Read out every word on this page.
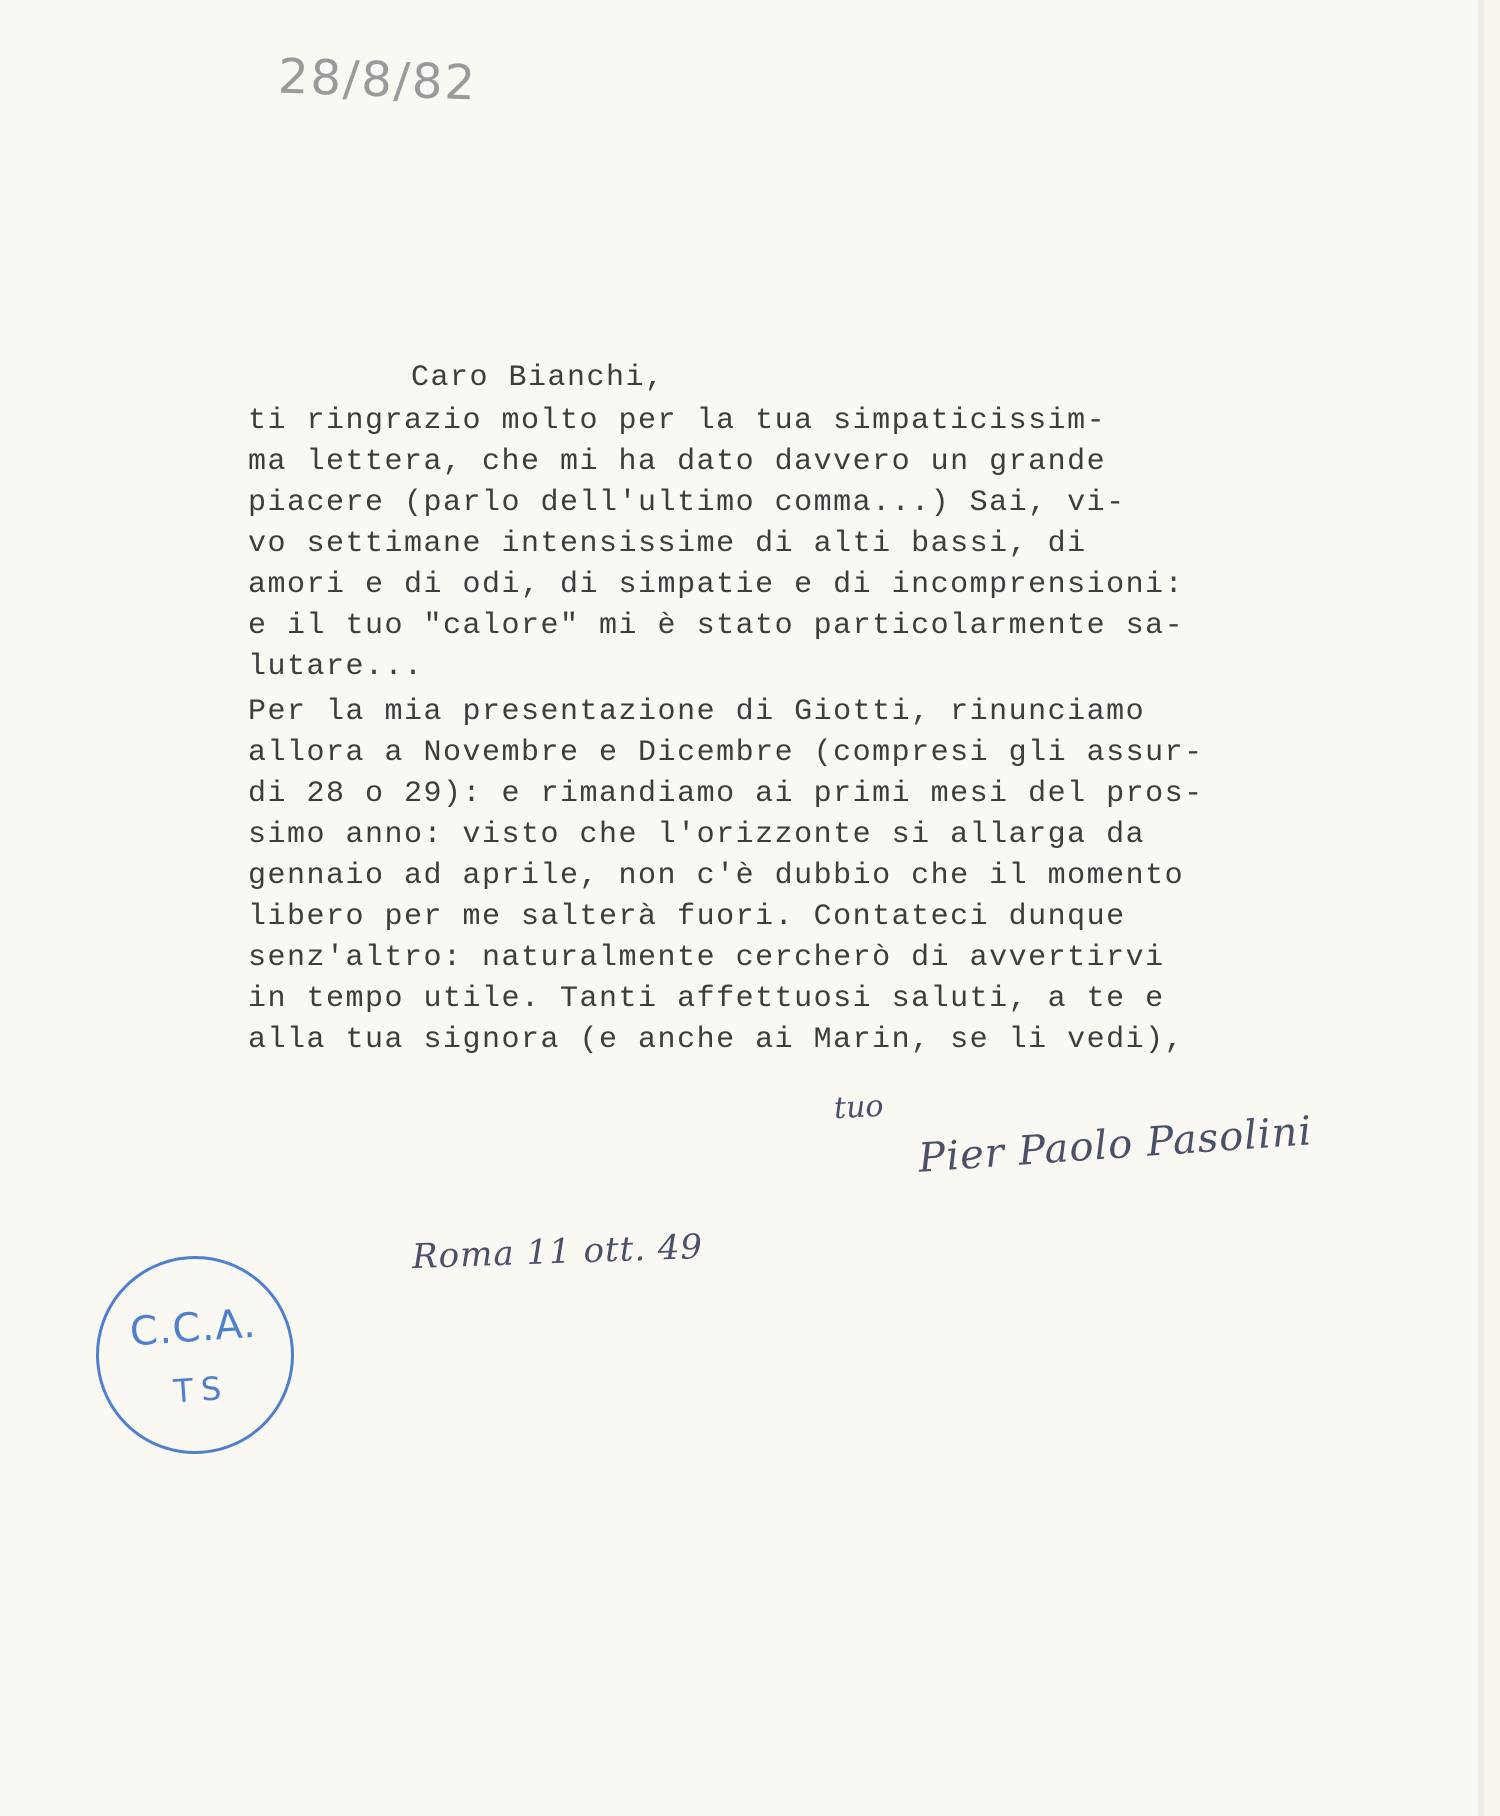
28/8/82
Caro Bianchi,
ti ringrazio molto per la tua simpaticissim-
ma lettera, che mi ha dato davvero un grande
piacere (parlo dell'ultimo comma...) Sai, vi-
vo settimane intensissime di alti bassi, di
amori e di odi, di simpatie e di incomprensioni:
e il tuo "calore" mi è stato particolarmente sa-
lutare...
Per la mia presentazione di Giotti, rinunciamo
allora a Novembre e Dicembre (compresi gli assur-
di 28 o 29): e rimandiamo ai primi mesi del pros-
simo anno: visto che l'orizzonte si allarga da
gennaio ad aprile, non c'è dubbio che il momento
libero per me salterà fuori. Contateci dunque
senz'altro: naturalmente cercherò di avvertirvi
in tempo utile. Tanti affettuosi saluti, a te e
alla tua signora (e anche ai Marin, se li vedi),
tuo
Pier Paolo Pasolini
Roma 11 ott. 49
C.C.A.
TS
